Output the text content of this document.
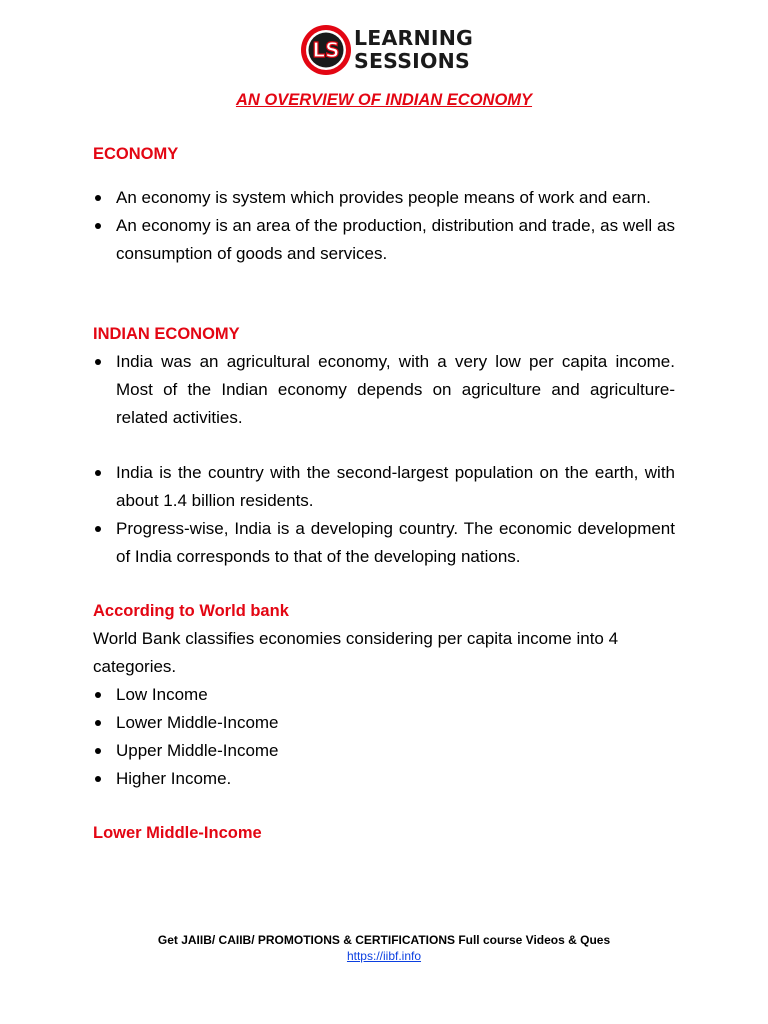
LS LEARNING
SESSIONS
AN OVERVIEW OF INDIAN ECONOMY
ECONOMY
An economy is system which provides people means of work and earn.
An economy is an area of the production, distribution and trade, as well as consumption of goods and services.
INDIAN ECONOMY
India was an agricultural economy, with a very low per capita income. Most of the Indian economy depends on agriculture and agriculture-related activities.
India is the country with the second-largest population on the earth, with about 1.4 billion residents.
Progress-wise, India is a developing country. The economic development of India corresponds to that of the developing nations.
According to World bank
World Bank classifies economies considering per capita income into 4 categories.
Low Income
Lower Middle-Income
Upper Middle-Income
Higher Income.
Lower Middle-Income
Get JAIIB/ CAIIB/ PROMOTIONS & CERTIFICATIONS Full course Videos & Ques
https://iibf.info
